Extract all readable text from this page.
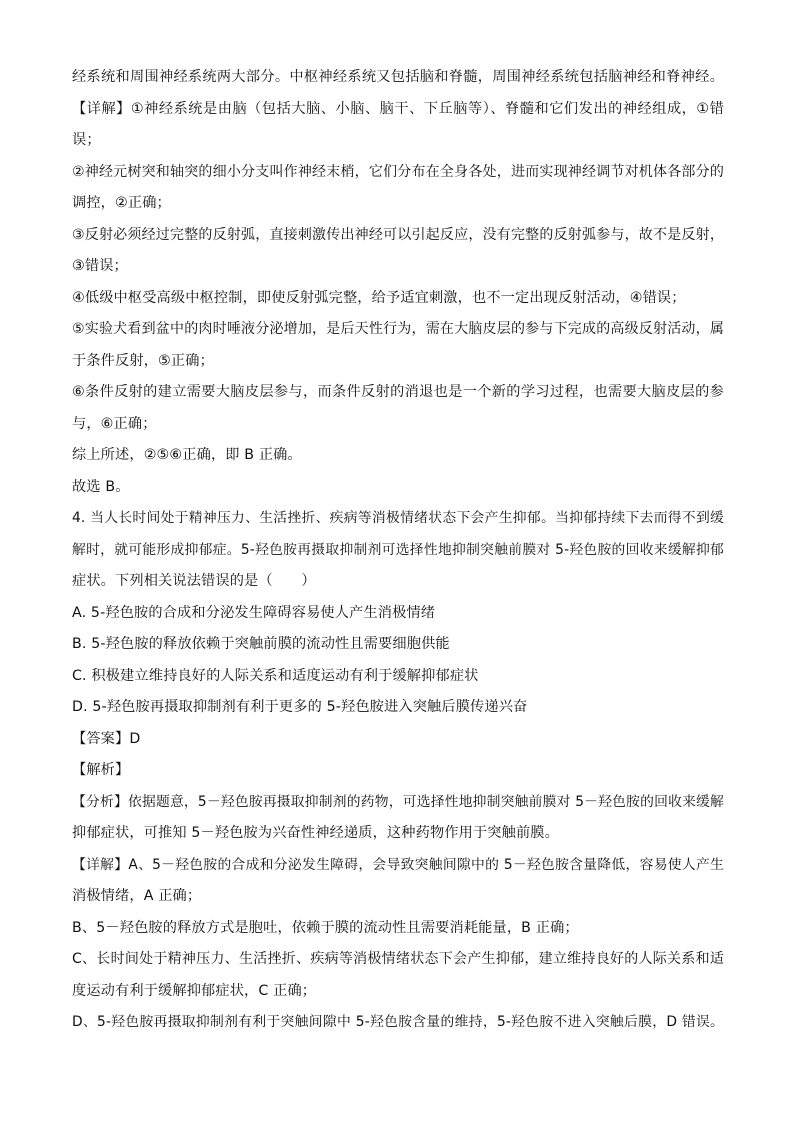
经系统和周围神经系统两大部分。中枢神经系统又包括脑和脊髓，周围神经系统包括脑神经和脊神经。
【详解】①神经系统是由脑（包括大脑、小脑、脑干、下丘脑等）、脊髓和它们发出的神经组成，①错
误；
②神经元树突和轴突的细小分支叫作神经末梢，它们分布在全身各处，进而实现神经调节对机体各部分的
调控，②正确；
③反射必须经过完整的反射弧，直接刺激传出神经可以引起反应，没有完整的反射弧参与，故不是反射，
③错误；
④低级中枢受高级中枢控制，即使反射弧完整，给予适宜刺激，也不一定出现反射活动，④错误；
⑤实验犬看到盆中的肉时唾液分泌增加，是后天性行为，需在大脑皮层的参与下完成的高级反射活动，属
于条件反射，⑤正确；
⑥条件反射的建立需要大脑皮层参与，而条件反射的消退也是一个新的学习过程，也需要大脑皮层的参
与，⑥正确；
综上所述，②⑤⑥正确，即 B 正确。
故选 B。
4. 当人长时间处于精神压力、生活挫折、疾病等消极情绪状态下会产生抑郁。当抑郁持续下去而得不到缓
解时，就可能形成抑郁症。5-羟色胺再摄取抑制剂可选择性地抑制突触前膜对 5-羟色胺的回收来缓解抑郁
症状。下列相关说法错误的是（　　）
A. 5-羟色胺的合成和分泌发生障碍容易使人产生消极情绪
B. 5-羟色胺的释放依赖于突触前膜的流动性且需要细胞供能
C. 积极建立维持良好的人际关系和适度运动有利于缓解抑郁症状
D. 5-羟色胺再摄取抑制剂有利于更多的 5-羟色胺进入突触后膜传递兴奋
【答案】D
【解析】
【分析】依据题意，5－羟色胺再摄取抑制剂的药物，可选择性地抑制突触前膜对 5－羟色胺的回收来缓解
抑郁症状，可推知 5－羟色胺为兴奋性神经递质，这种药物作用于突触前膜。
【详解】A、5－羟色胺的合成和分泌发生障碍，会导致突触间隙中的 5－羟色胺含量降低，容易使人产生
消极情绪，A 正确；
B、5－羟色胺的释放方式是胞吐，依赖于膜的流动性且需要消耗能量，B 正确；
C、长时间处于精神压力、生活挫折、疾病等消极情绪状态下会产生抑郁，建立维持良好的人际关系和适
度运动有利于缓解抑郁症状，C 正确；
D、5-羟色胺再摄取抑制剂有利于突触间隙中 5-羟色胺含量的维持，5-羟色胺不进入突触后膜，D 错误。
